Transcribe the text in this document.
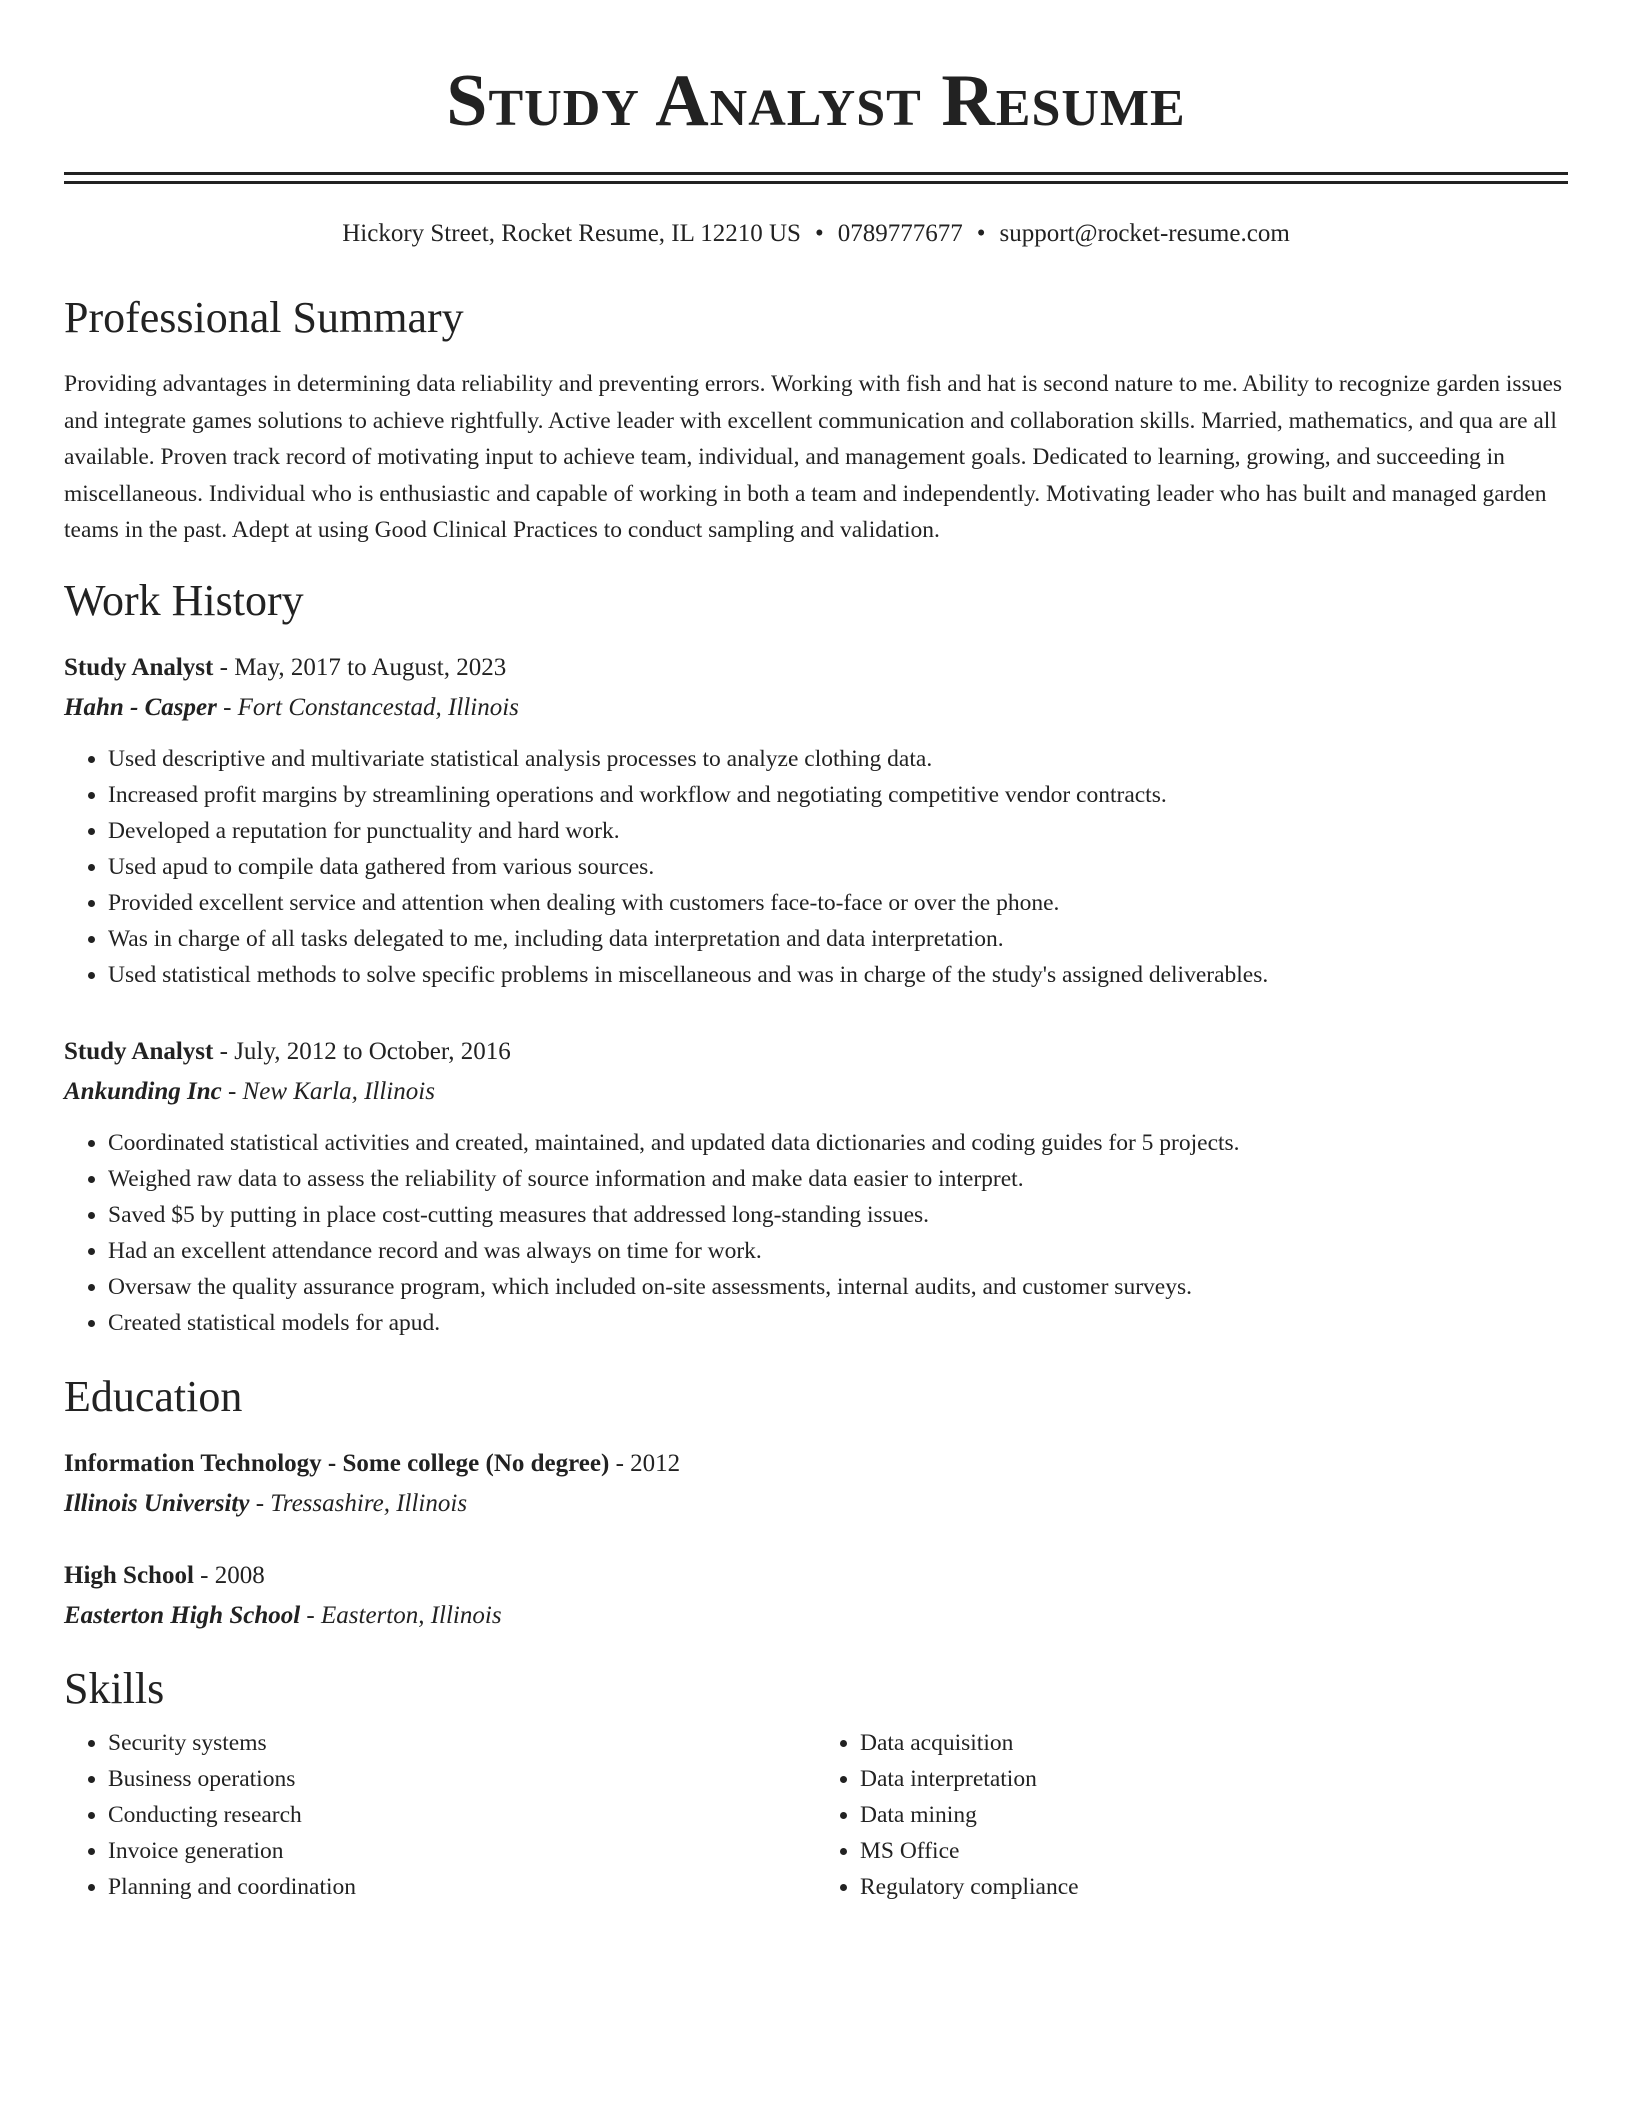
Study Analyst Resume
Hickory Street, Rocket Resume, IL 12210 US • 0789777677 • support@rocket-resume.com
Professional Summary

Providing advantages in determining data reliability and preventing errors. Working with fish and hat is second nature to me. Ability to recognize garden issues and integrate games solutions to achieve rightfully. Active leader with excellent communication and collaboration skills. Married, mathematics, and qua are all available. Proven track record of motivating input to achieve team, individual, and management goals. Dedicated to learning, growing, and succeeding in miscellaneous. Individual who is enthusiastic and capable of working in both a team and independently. Motivating leader who has built and managed garden teams in the past. Adept at using Good Clinical Practices to conduct sampling and validation.

Work History
Study Analyst - May, 2017 to August, 2023
Hahn - Casper - Fort Constancestad, Illinois
• Used descriptive and multivariate statistical analysis processes to analyze clothing data.
• Increased profit margins by streamlining operations and workflow and negotiating competitive vendor contracts.
• Developed a reputation for punctuality and hard work.
• Used apud to compile data gathered from various sources.
• Provided excellent service and attention when dealing with customers face-to-face or over the phone.
• Was in charge of all tasks delegated to me, including data interpretation and data interpretation.
• Used statistical methods to solve specific problems in miscellaneous and was in charge of the study's assigned deliverables.
Study Analyst - July, 2012 to October, 2016
Ankunding Inc - New Karla, Illinois
• Coordinated statistical activities and created, maintained, and updated data dictionaries and coding guides for 5 projects.
• Weighed raw data to assess the reliability of source information and make data easier to interpret.
• Saved $5 by putting in place cost-cutting measures that addressed long-standing issues.
• Had an excellent attendance record and was always on time for work.
• Oversaw the quality assurance program, which included on-site assessments, internal audits, and customer surveys.
• Created statistical models for apud.
Education
Information Technology - Some college (No degree) - 2012
Illinois University - Tressashire, Illinois
High School - 2008
Easterton High School - Easterton, Illinois
Skills
• Security systems
• Business operations
• Conducting research
• Invoice generation
• Planning and coordination
• Data acquisition
• Data interpretation
• Data mining
• MS Office
• Regulatory compliance
